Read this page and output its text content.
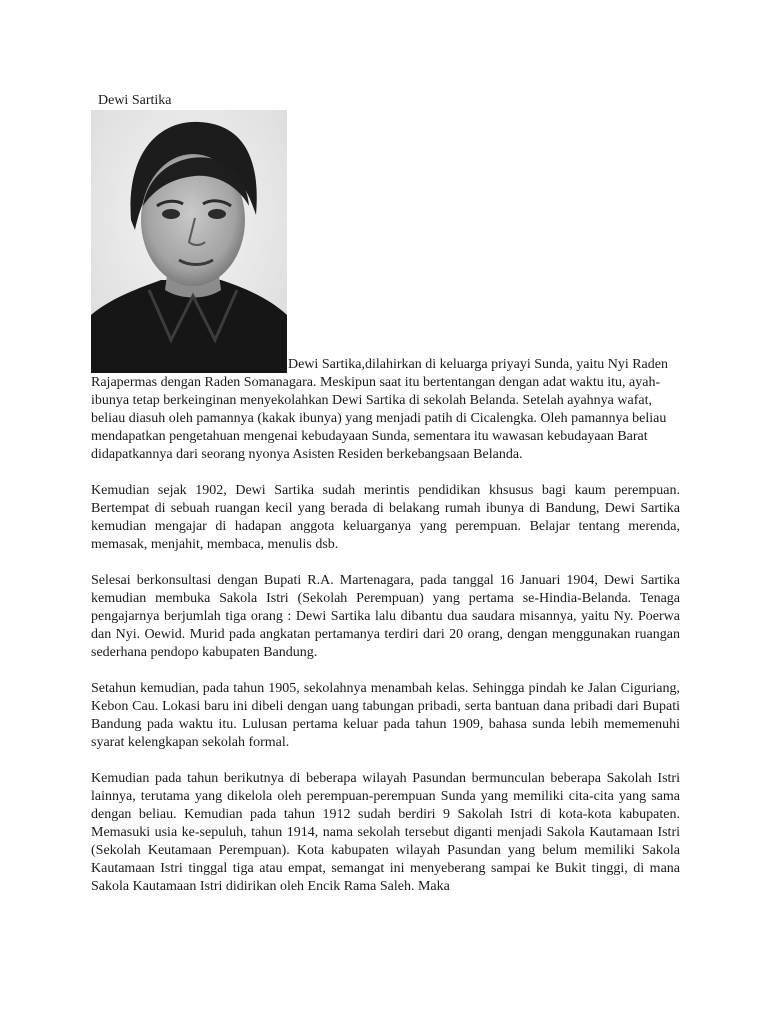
Dewi Sartika

Dewi Sartika,dilahirkan di keluarga priyayi Sunda, yaitu Nyi Raden Rajapermas dengan Raden Somanagara. Meskipun saat itu bertentangan dengan adat waktu itu, ayah-ibunya tetap berkeinginan menyekolahkan Dewi Sartika di sekolah Belanda. Setelah ayahnya wafat, beliau diasuh oleh pamannya (kakak ibunya) yang menjadi patih di Cicalengka. Oleh pamannya beliau mendapatkan pengetahuan mengenai kebudayaan Sunda, sementara itu wawasan kebudayaan Barat didapatkannya dari seorang nyonya Asisten Residen berkebangsaan Belanda.

Kemudian sejak 1902, Dewi Sartika sudah merintis pendidikan khsusus bagi kaum perempuan. Bertempat di sebuah ruangan kecil yang berada di belakang rumah ibunya di Bandung, Dewi Sartika kemudian mengajar di hadapan anggota keluarganya yang perempuan. Belajar tentang merenda, memasak, menjahit, membaca, menulis dsb.

Selesai berkonsultasi dengan Bupati R.A. Martenagara, pada tanggal 16 Januari 1904, Dewi Sartika kemudian membuka Sakola Istri (Sekolah Perempuan) yang pertama se-Hindia-Belanda. Tenaga pengajarnya berjumlah tiga orang : Dewi Sartika lalu dibantu dua saudara misannya, yaitu Ny. Poerwa dan Nyi. Oewid. Murid pada angkatan pertamanya terdiri dari 20 orang, dengan menggunakan ruangan sederhana pendopo kabupaten Bandung.

Setahun kemudian, pada tahun 1905, sekolahnya menambah kelas. Sehingga pindah ke Jalan Ciguriang, Kebon Cau. Lokasi baru ini dibeli dengan uang tabungan pribadi, serta bantuan dana pribadi dari Bupati Bandung pada waktu itu. Lulusan pertama keluar pada tahun 1909, bahasa sunda lebih mememenuhi syarat kelengkapan sekolah formal.

Kemudian pada tahun berikutnya di beberapa wilayah Pasundan bermunculan beberapa Sakolah Istri lainnya, terutama yang dikelola oleh perempuan-perempuan Sunda yang memiliki cita-cita yang sama dengan beliau. Kemudian pada tahun 1912 sudah berdiri 9 Sakolah Istri di kota-kota kabupaten. Memasuki usia ke-sepuluh, tahun 1914, nama sekolah tersebut diganti menjadi Sakola Kautamaan Istri (Sekolah Keutamaan Perempuan). Kota kabupaten wilayah Pasundan yang belum memiliki Sakola Kautamaan Istri tinggal tiga atau empat, semangat ini menyeberang sampai ke Bukit tinggi, di mana Sakola Kautamaan Istri didirikan oleh Encik Rama Saleh. Maka
